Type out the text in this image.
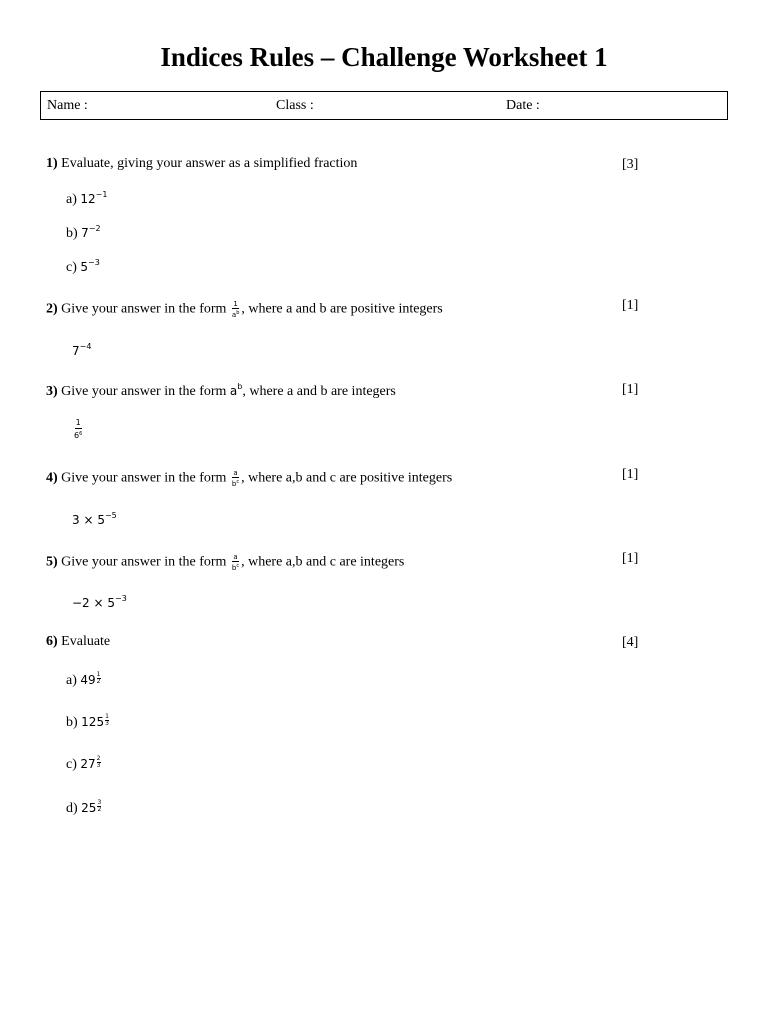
Indices Rules – Challenge Worksheet 1
Name :	Class :	Date :
1) Evaluate, giving your answer as a simplified fraction	[3]
a) $12^{-1}$
b) $7^{-2}$
c) $5^{-3}$
2) Give your answer in the form $\frac{1}{a^b}$ , where a and b are positive integers	[1]
$7^{-4}$
3) Give your answer in the form $a^b$, where a and b are integers	[1]
$\frac{1}{6^6}$
4) Give your answer in the form $\frac{a}{b^c}$ , where a,b and c are positive integers	[1]
$3 \times 5^{-5}$
5) Give your answer in the form $\frac{a}{b^c}$ , where a,b and c are integers	[1]
$-2 \times 5^{-3}$
6) Evaluate	[4]
a) $49 \frac{1}{2}$
b) $125 \frac{1}{3}$
c) $27 \frac{2}{3}$
d) $25 \frac{3}{2}$
